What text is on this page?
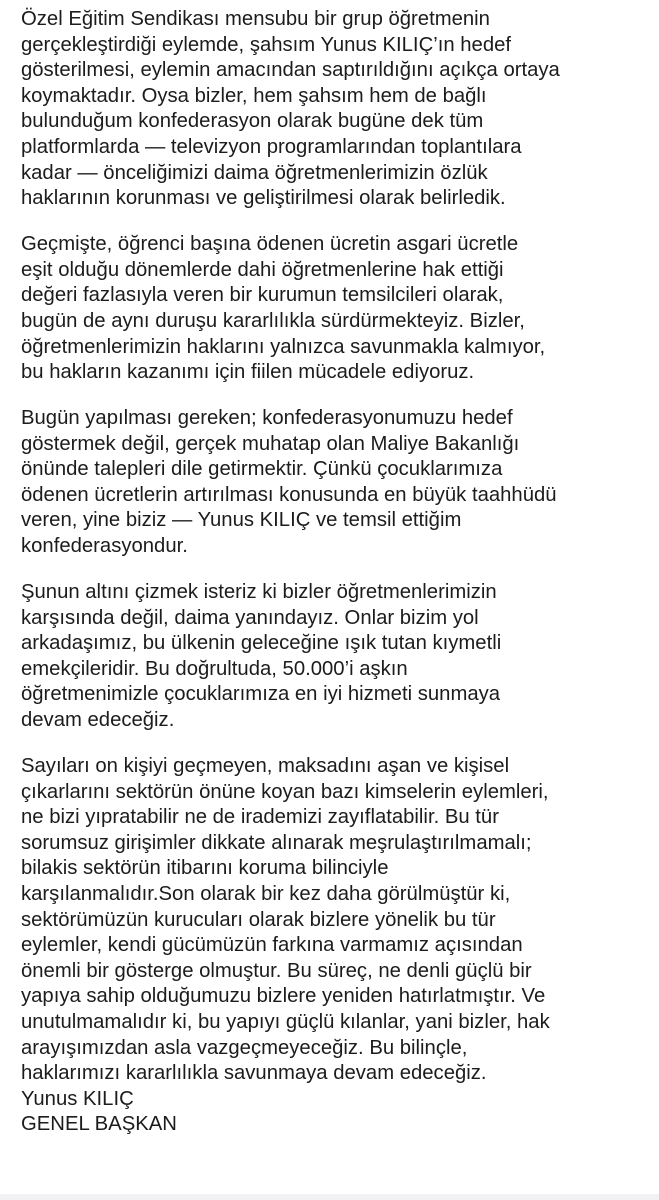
Özel Eğitim Sendikası mensubu bir grup öğretmenin
gerçekleştirdiği eylemde, şahsım Yunus KILIÇ’ın hedef
gösterilmesi, eylemin amacından saptırıldığını açıkça ortaya
koymaktadır. Oysa bizler, hem şahsım hem de bağlı
bulunduğum konfederasyon olarak bugüne dek tüm
platformlarda — televizyon programlarından toplantılara
kadar — önceliğimizi daima öğretmenlerimizin özlük
haklarının korunması ve geliştirilmesi olarak belirledik.
Geçmişte, öğrenci başına ödenen ücretin asgari ücretle
eşit olduğu dönemlerde dahi öğretmenlerine hak ettiği
değeri fazlasıyla veren bir kurumun temsilcileri olarak,
bugün de aynı duruşu kararlılıkla sürdürmekteyiz. Bizler,
öğretmenlerimizin haklarını yalnızca savunmakla kalmıyor,
bu hakların kazanımı için fiilen mücadele ediyoruz.
Bugün yapılması gereken; konfederasyonumuzu hedef
göstermek değil, gerçek muhatap olan Maliye Bakanlığı
önünde talepleri dile getirmektir. Çünkü çocuklarımıza
ödenen ücretlerin artırılması konusunda en büyük taahhüdü
veren, yine biziz — Yunus KILIÇ ve temsil ettiğim
konfederasyondur.
Şunun altını çizmek isteriz ki bizler öğretmenlerimizin
karşısında değil, daima yanındayız. Onlar bizim yol
arkadaşımız, bu ülkenin geleceğine ışık tutan kıymetli
emekçileridir. Bu doğrultuda, 50.000’i aşkın
öğretmenimizle çocuklarımıza en iyi hizmeti sunmaya
devam edeceğiz.
Sayıları on kişiyi geçmeyen, maksadını aşan ve kişisel
çıkarlarını sektörün önüne koyan bazı kimselerin eylemleri,
ne bizi yıpratabilir ne de irademizi zayıflatabilir. Bu tür
sorumsuz girişimler dikkate alınarak meşrulaştırılmamalı;
bilakis sektörün itibarını koruma bilinciyle
karşılanmalıdır.Son olarak bir kez daha görülmüştür ki,
sektörümüzün kurucuları olarak bizlere yönelik bu tür
eylemler, kendi gücümüzün farkına varmamız açısından
önemli bir gösterge olmuştur. Bu süreç, ne denli güçlü bir
yapıya sahip olduğumuzu bizlere yeniden hatırlatmıştır. Ve
unutulmamalıdır ki, bu yapıyı güçlü kılanlar, yani bizler, hak
arayışımızdan asla vazgeçmeyeceğiz. Bu bilinçle,
haklarımızı kararlılıkla savunmaya devam edeceğiz.
Yunus KILIÇ
GENEL BAŞKAN
